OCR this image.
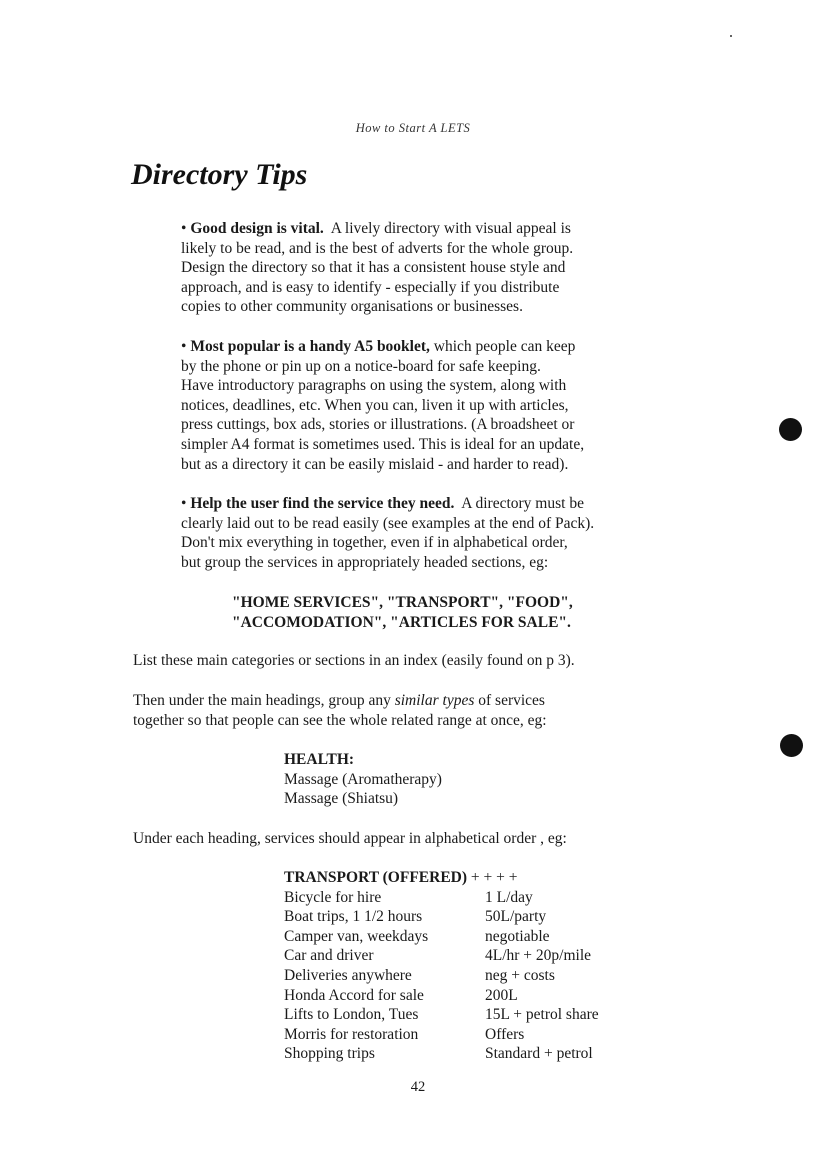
How to Start A LETS
Directory Tips

• Good design is vital. A lively directory with visual appeal is

likely to be read, and is the best of adverts for the whole group.

Design the directory so that it has a consistent house style and

approach, and is easy to identify - especially if you distribute

copies to other community organisations or businesses.

• Most popular is a handy A5 booklet, which people can keep

by the phone or pin up on a notice-board for safe keeping.

Have introductory paragraphs on using the system, along with

notices, deadlines, etc. When you can, liven it up with articles,

press cuttings, box ads, stories or illustrations. (A broadsheet or

simpler A4 format is sometimes used. This is ideal for an update,

but as a directory it can be easily mislaid - and harder to read).

• Help the user find the service they need. A directory must be

clearly laid out to be read easily (see examples at the end of Pack).

Don't mix everything in together, even if in alphabetical order,

but group the services in appropriately headed sections, eg:

"HOME SERVICES", "TRANSPORT", "FOOD",
"ACCOMODATION", "ARTICLES FOR SALE".
List these main categories or sections in an index (easily found on p 3).
Then under the main headings, group any similar types of services
together so that people can see the whole related range at once, eg:
HEALTH:
Massage (Aromatherapy)
Massage (Shiatsu)
Under each heading, services should appear in alphabetical order , eg:
TRANSPORT (OFFERED) + + + +
Bicycle for hire	1 L/day
Boat trips, 1 1/2 hours	50L/party
Camper van, weekdays	negotiable
Car and driver	4L/hr + 20p/mile
Deliveries anywhere	neg + costs
Honda Accord for sale	200L
Lifts to London, Tues	15L + petrol share
Morris for restoration	Offers
Shopping trips	Standard + petrol
42
